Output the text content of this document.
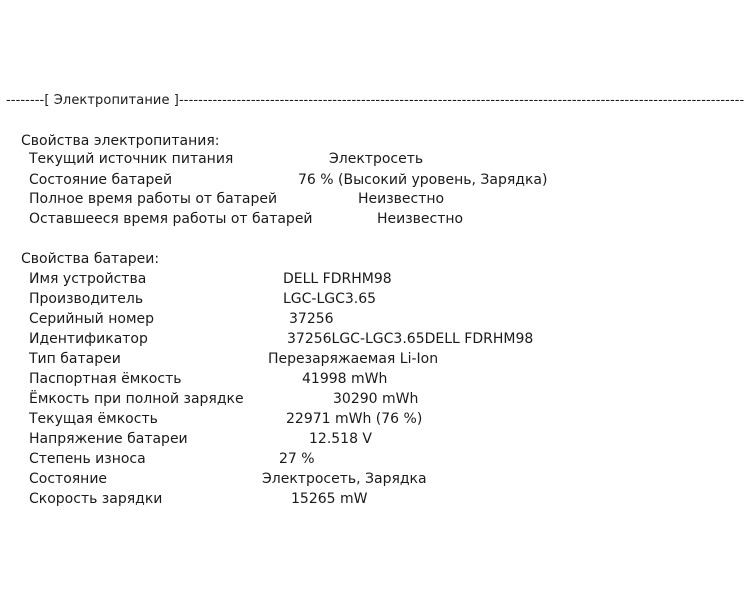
--------[ Электропитание ]----------------------------------------------------------------------------------------------------------------------
Свойства электропитания:
Текущий источник питания	Электросеть
Состояние батарей	76 % (Высокий уровень, Зарядка)
Полное время работы от батарей	Неизвестно
Оставшееся время работы от батарей	Неизвестно
Свойства батареи:
Имя устройства	DELL FDRHM98
Производитель	LGC-LGC3.65
Серийный номер	37256
Идентификатор	37256LGC-LGC3.65DELL FDRHM98
Тип батареи	Перезаряжаемая Li-Ion
Паспортная ёмкость	41998 mWh
Ёмкость при полной зарядке	30290 mWh
Текущая ёмкость	22971 mWh (76 %)
Напряжение батареи	12.518 V
Степень износа	27 %
Состояние	Электросеть, Зарядка
Скорость зарядки	15265 mW
